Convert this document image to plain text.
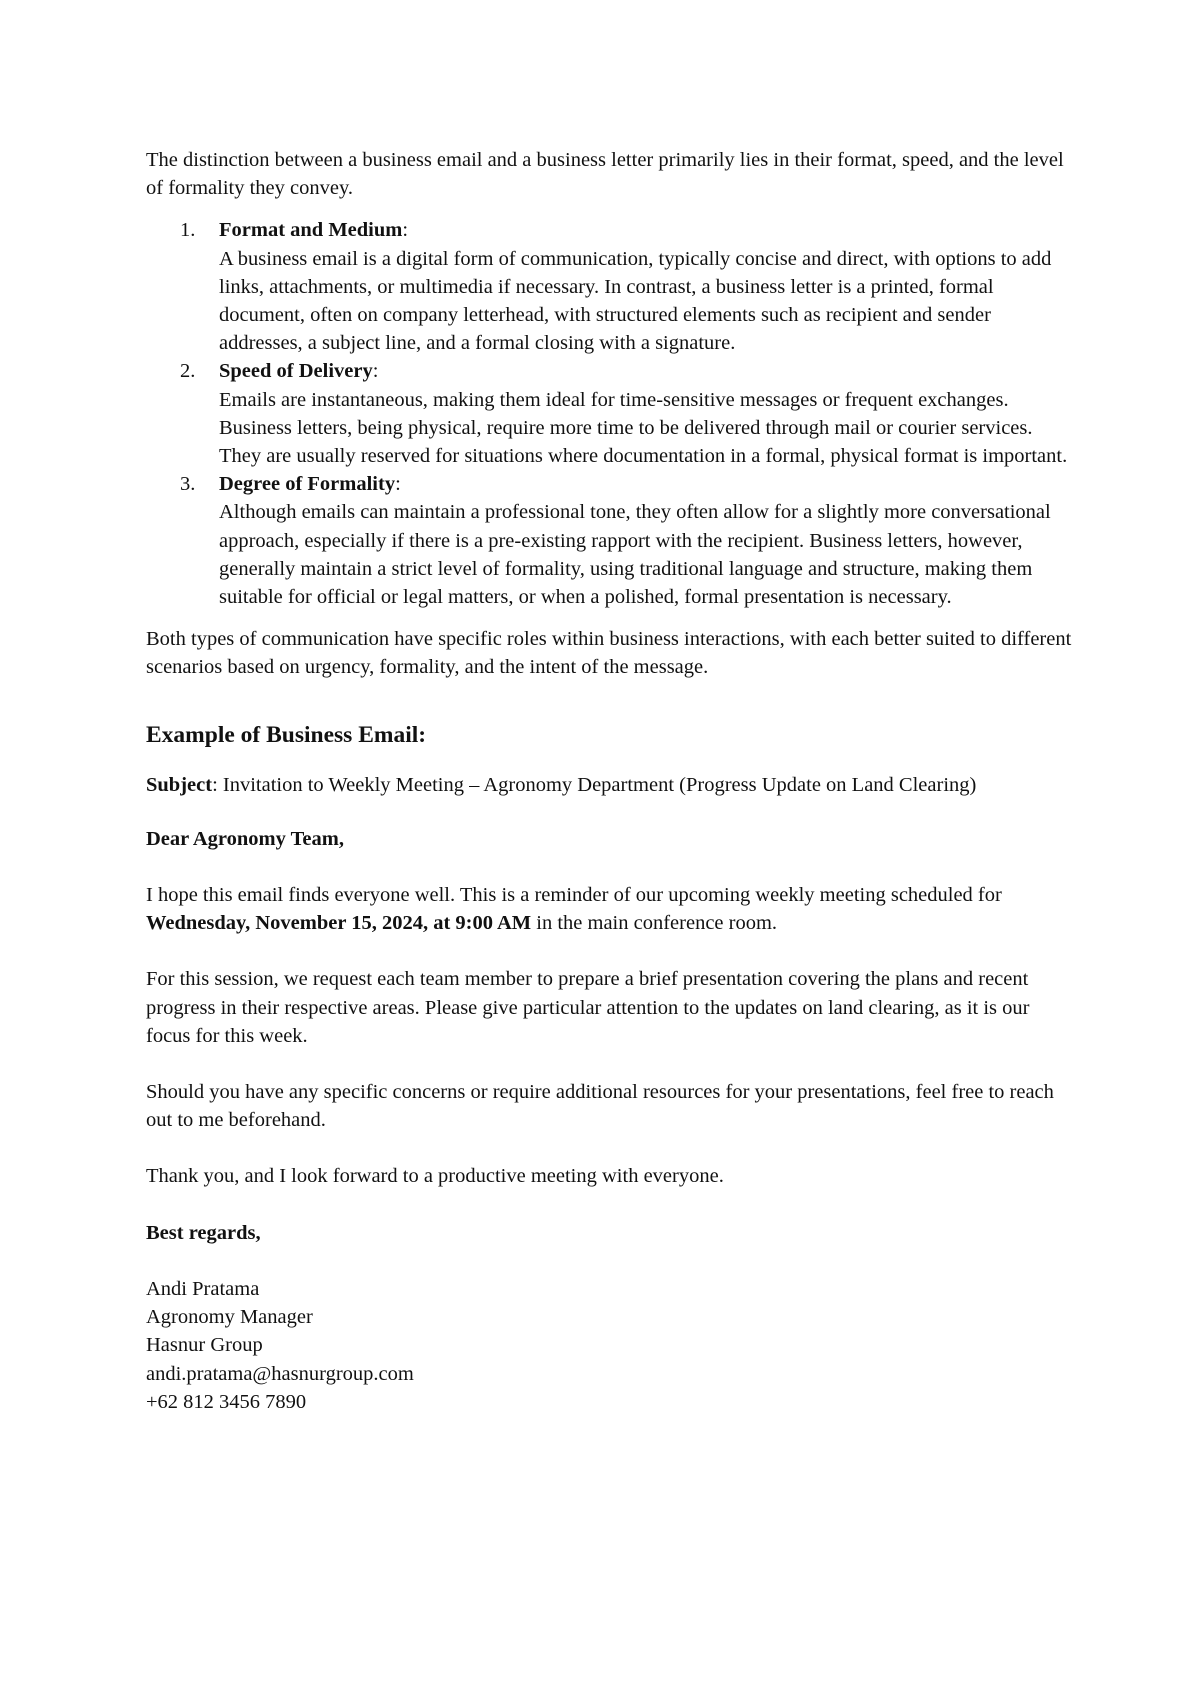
The distinction between a business email and a business letter primarily lies in their format, speed, and the level of formality they convey.

1. Format and Medium:
A business email is a digital form of communication, typically concise and direct, with options to add links, attachments, or multimedia if necessary. In contrast, a business letter is a printed, formal document, often on company letterhead, with structured elements such as recipient and sender addresses, a subject line, and a formal closing with a signature.
2. Speed of Delivery:
Emails are instantaneous, making them ideal for time-sensitive messages or frequent exchanges. Business letters, being physical, require more time to be delivered through mail or courier services. They are usually reserved for situations where documentation in a formal, physical format is important.
3. Degree of Formality:
Although emails can maintain a professional tone, they often allow for a slightly more conversational approach, especially if there is a pre-existing rapport with the recipient. Business letters, however, generally maintain a strict level of formality, using traditional language and structure, making them suitable for official or legal matters, or when a polished, formal presentation is necessary.

Both types of communication have specific roles within business interactions, with each better suited to different scenarios based on urgency, formality, and the intent of the message.

Example of Business Email:

Subject: Invitation to Weekly Meeting – Agronomy Department (Progress Update on Land Clearing)

Dear Agronomy Team,

I hope this email finds everyone well. This is a reminder of our upcoming weekly meeting scheduled for Wednesday, November 15, 2024, at 9:00 AM in the main conference room.

For this session, we request each team member to prepare a brief presentation covering the plans and recent progress in their respective areas. Please give particular attention to the updates on land clearing, as it is our focus for this week.

Should you have any specific concerns or require additional resources for your presentations, feel free to reach out to me beforehand.

Thank you, and I look forward to a productive meeting with everyone.

Best regards,

Andi Pratama
Agronomy Manager
Hasnur Group
andi.pratama@hasnurgroup.com
+62 812 3456 7890
